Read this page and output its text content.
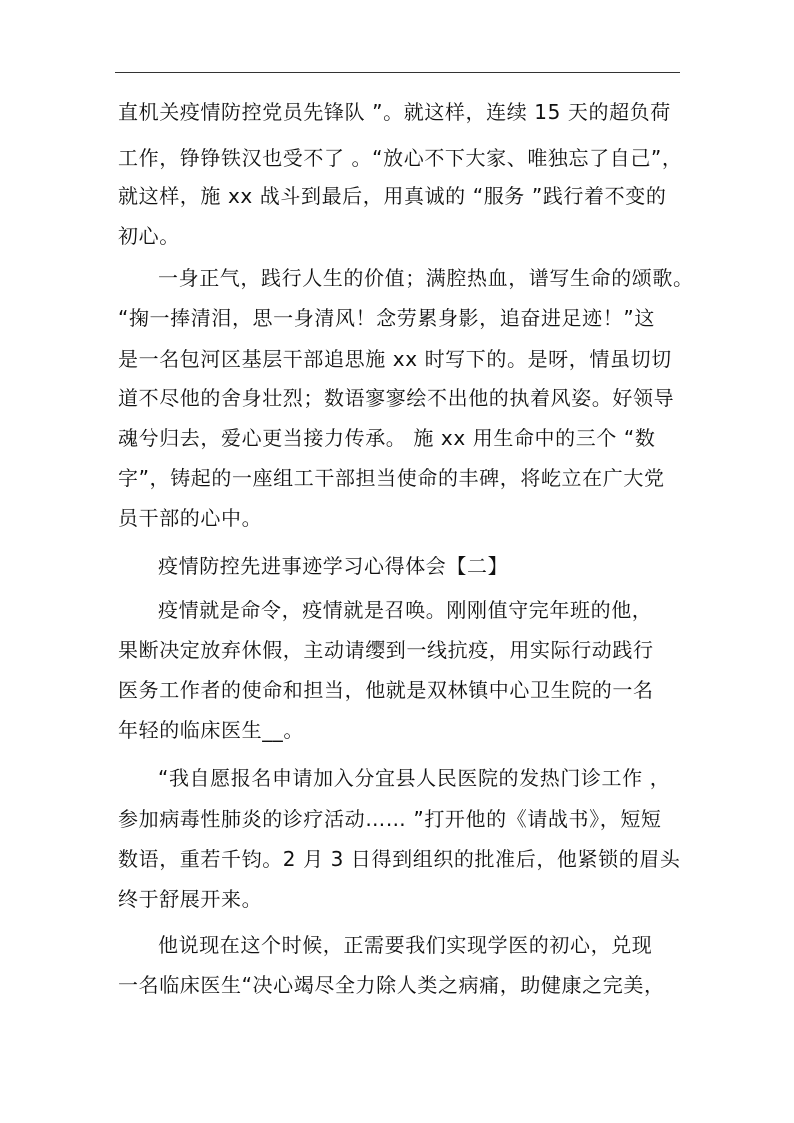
直机关疫情防控党员先锋队 ”。就这样，连续 15 天的超负荷
工作，铮铮铁汉也受不了 。“放心不下大家、唯独忘了自己”，
就这样，施 xx 战斗到最后，用真诚的 “服务 ”践行着不变的
初心。
一身正气，践行人生的价值；满腔热血，谱写生命的颂歌。
“掬一捧清泪，思一身清风！念劳累身影，追奋进足迹！”这
是一名包河区基层干部追思施 xx 时写下的。是呀，情虽切切
道不尽他的舍身壮烈；数语寥寥绘不出他的执着风姿。好领导
魂兮归去，爱心更当接力传承。 施 xx 用生命中的三个 “数
字”，铸起的一座组工干部担当使命的丰碑，将屹立在广大党
员干部的心中。
疫情防控先进事迹学习心得体会【二】
疫情就是命令，疫情就是召唤。刚刚值守完年班的他，
果断决定放弃休假，主动请缨到一线抗疫，用实际行动践行
医务工作者的使命和担当，他就是双林镇中心卫生院的一名
年轻的临床医生__。
“我自愿报名申请加入分宜县人民医院的发热门诊工作 ，
参加病毒性肺炎的诊疗活动…… ”打开他的《请战书》，短短
数语，重若千钧。2 月 3 日得到组织的批准后，他紧锁的眉头
终于舒展开来。
他说现在这个时候，正需要我们实现学医的初心，兑现
一名临床医生“决心竭尽全力除人类之病痛，助健康之完美，
